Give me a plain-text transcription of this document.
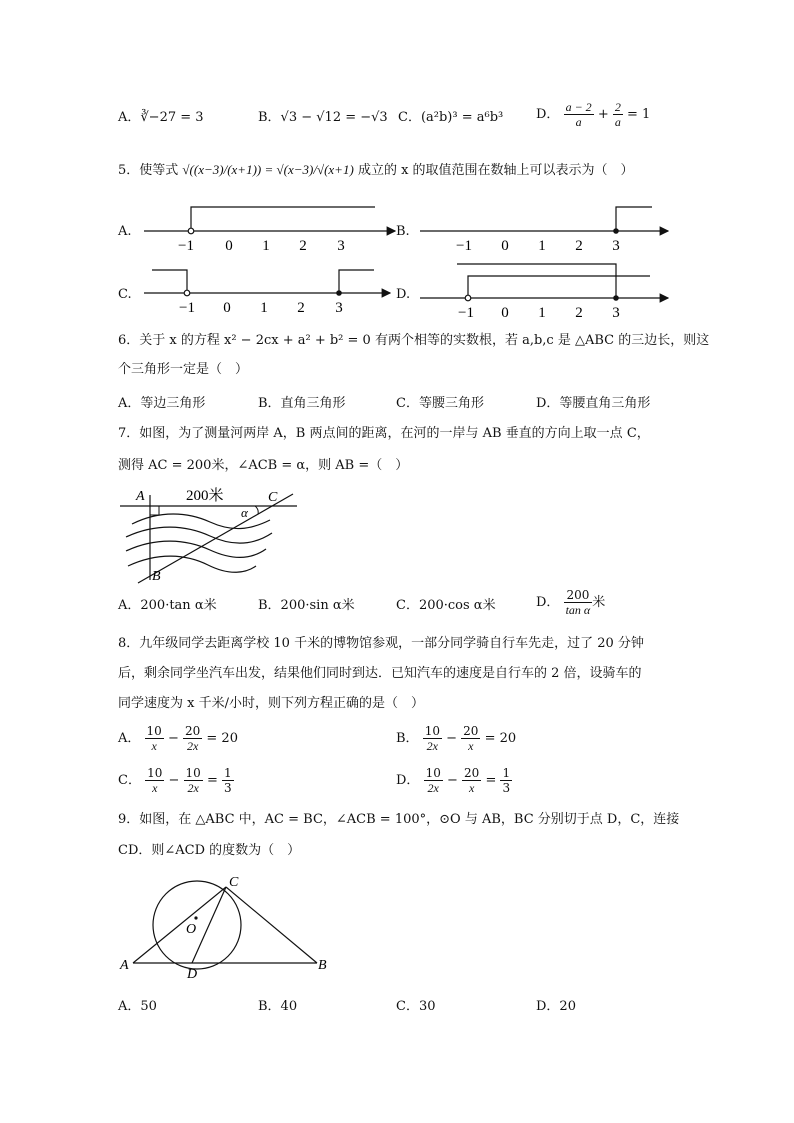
A．∛−27 = 3	B．√3 − √12 = −√3 C．(a²b)³ = a⁶b³	D． $\frac{a - 2}{a} + \frac{2}{a} = 1$
5．使等式 √((x−3)/(x+1)) = √(x−3)/√(x+1) 成立的 x 的取值范围在数轴上可以表示为（　）
A.	B.
C.	D.
−1 0 1 2 3	−1 0 1 2 3
−1 0 1 2 3	−1 0 1 2 3
A	200米	C
α
B
A
C
O
D
B
6．关于 x 的方程 x² − 2cx + a² + b² = 0 有两个相等的实数根，若 a,b,c 是 △ABC 的三边长，则这
个三角形一定是（　）
A．等边三角形	B．直角三角形	C．等腰三角形	D．等腰直角三角形
7．如图，为了测量河两岸 A，B 两点间的距离，在河的一岸与 AB 垂直的方向上取一点 C，
测得 AC = 200米，∠ACB = α，则 AB =（　）
A．200·tan α米	B．200·sin α米	C．200·cos α米	D． $\frac{200}{\text{tan α}}$ 米
8．九年级同学去距离学校 10 千米的博物馆参观，一部分同学骑自行车先走，过了 20 分钟
后，剩余同学坐汽车出发，结果他们同时到达．已知汽车的速度是自行车的 2 倍，设骑车的
同学速度为 x 千米/小时，则下列方程正确的是（　）
A． $\frac{10}{x} - \frac{20}{2x} = 20$	B． $\frac{10}{2x} - \frac{20}{x} = 20$
C． $\frac{10}{x} - \frac{10}{2x} = \frac{1}{3}$	D． $\frac{10}{2x} - \frac{20}{x} = \frac{1}{3}$
9．如图，在 △ABC 中，AC = BC，∠ACB = 100°，⊙O 与 AB，BC 分别切于点 D，C，连接
CD．则∠ACD 的度数为（　）
A．50	B．40	C．30	D．20
